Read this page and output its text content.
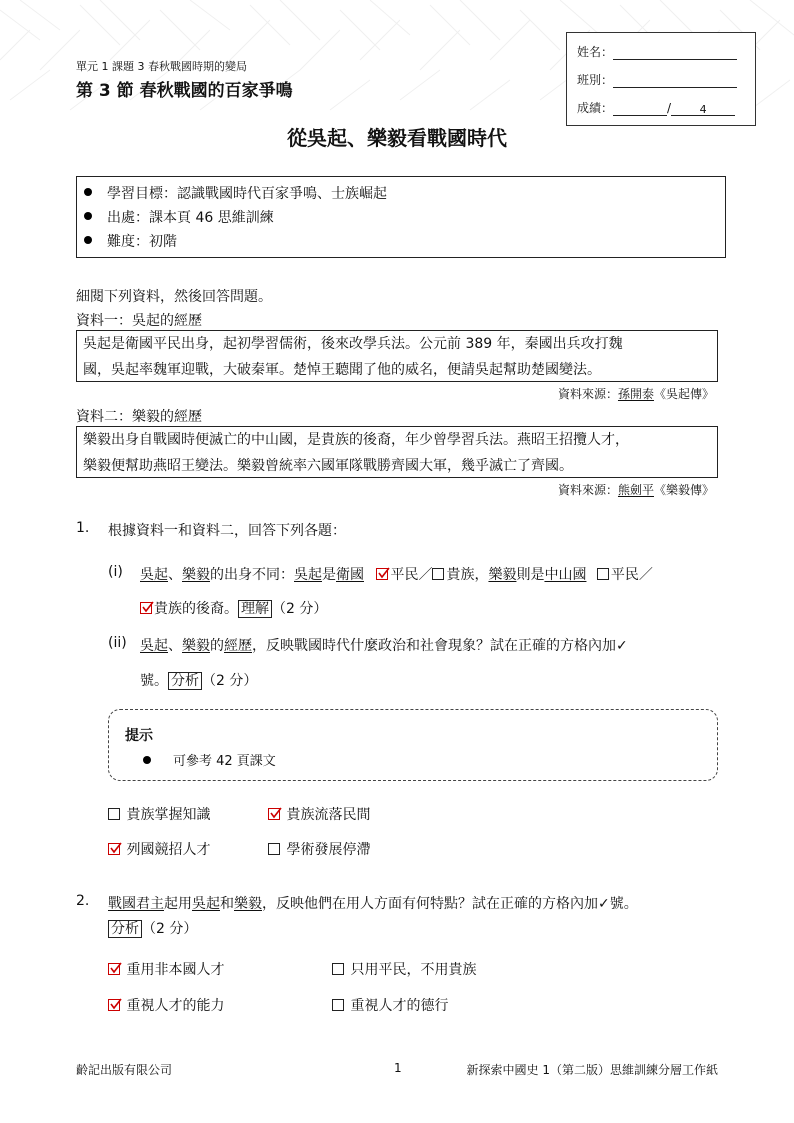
單元 1 課題 3 春秋戰國時期的變局
第 3 節 春秋戰國的百家爭鳴
姓名：
班別：
成績：	/	4
從吳起、樂毅看戰國時代
學習目標：認識戰國時代百家爭鳴、士族崛起
出處：課本頁 46 思維訓練
難度：初階
細閱下列資料，然後回答問題。
資料一：吳起的經歷
吳起是衛國平民出身，起初學習儒術，後來改學兵法。公元前 389 年，秦國出兵攻打魏
國，吳起率魏軍迎戰，大破秦軍。楚悼王聽聞了他的威名，便請吳起幫助楚國變法。
資料來源：孫開泰《吳起傳》
資料二：樂毅的經歷
樂毅出身自戰國時便滅亡的中山國，是貴族的後裔，年少曾學習兵法。燕昭王招攬人才，
樂毅便幫助燕昭王變法。樂毅曾統率六國軍隊戰勝齊國大軍，幾乎滅亡了齊國。
資料來源：熊劍平《樂毅傳》
1. 根據資料一和資料二，回答下列各題：
(i) 吳起、樂毅的出身不同：吳起是衛國 平民／ 貴族，樂毅則是中山國 平民／
貴族的後裔。 理解 （2 分）
(ii) 吳起、樂毅的經歷，反映戰國時代什麼政治和社會現象？試在正確的方格內加✓
號。 分析 （2 分）
提示
可參考 42 頁課文
貴族掌握知識	貴族流落民間
列國競招人才	學術發展停滯
2. 戰國君主起用吳起和樂毅，反映他們在用人方面有何特點？試在正確的方格內加✓號。
分析 （2 分）
重用非本國人才	只用平民，不用貴族
重視人才的能力	重視人才的德行
齡記出版有限公司	1	新探索中國史 1（第二版）思維訓練分層工作紙
